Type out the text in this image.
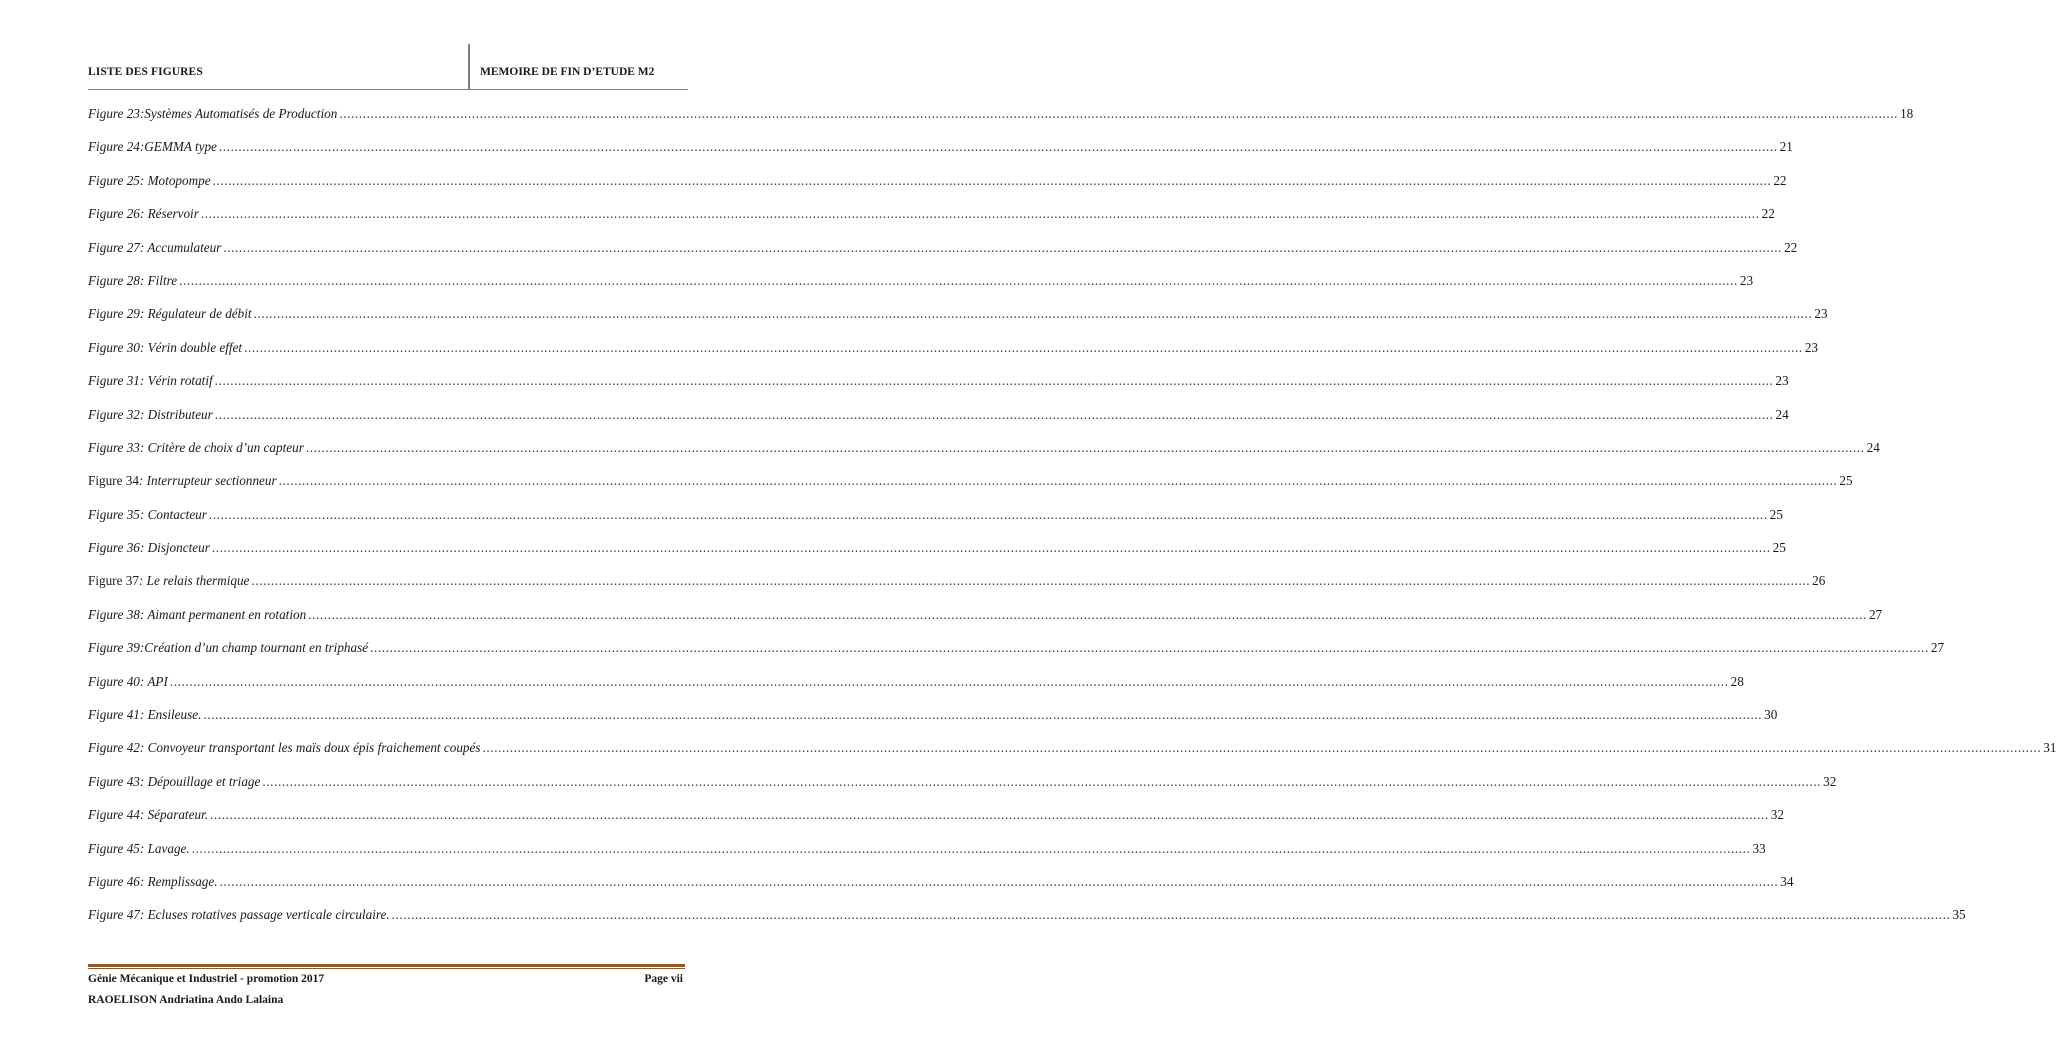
LISTE DES FIGURES	MEMOIRE DE FIN D’ETUDE M2
Figure 23:Systèmes Automatisés de Production ................................................................................................................................................................................................................................................................................................................................................................................................................ 18
Figure 24:GEMMA type ................................................................................................................................................................................................................................................................................................................................................................................................................ 21
Figure 25: Motopompe ................................................................................................................................................................................................................................................................................................................................................................................................................ 22
Figure 26: Réservoir ................................................................................................................................................................................................................................................................................................................................................................................................................ 22
Figure 27: Accumulateur ................................................................................................................................................................................................................................................................................................................................................................................................................ 22
Figure 28: Filtre ................................................................................................................................................................................................................................................................................................................................................................................................................ 23
Figure 29: Régulateur de débit ................................................................................................................................................................................................................................................................................................................................................................................................................ 23
Figure 30: Vérin double effet ................................................................................................................................................................................................................................................................................................................................................................................................................ 23
Figure 31: Vérin rotatif ................................................................................................................................................................................................................................................................................................................................................................................................................ 23
Figure 32: Distributeur ................................................................................................................................................................................................................................................................................................................................................................................................................ 24
Figure 33: Critère de choix d’un capteur ................................................................................................................................................................................................................................................................................................................................................................................................................ 24
Figure 34: Interrupteur sectionneur ................................................................................................................................................................................................................................................................................................................................................................................................................ 25
Figure 35: Contacteur ................................................................................................................................................................................................................................................................................................................................................................................................................ 25
Figure 36: Disjoncteur ................................................................................................................................................................................................................................................................................................................................................................................................................ 25
Figure 37: Le relais thermique ................................................................................................................................................................................................................................................................................................................................................................................................................ 26
Figure 38: Aimant permanent en rotation ................................................................................................................................................................................................................................................................................................................................................................................................................ 27
Figure 39:Création d’un champ tournant en triphasé ................................................................................................................................................................................................................................................................................................................................................................................................................ 27
Figure 40: API ................................................................................................................................................................................................................................................................................................................................................................................................................ 28
Figure 41: Ensileuse. ................................................................................................................................................................................................................................................................................................................................................................................................................ 30
Figure 42: Convoyeur transportant les maïs doux épis fraichement coupés ................................................................................................................................................................................................................................................................................................................................................................................................................ 31
Figure 43: Dépouillage et triage ................................................................................................................................................................................................................................................................................................................................................................................................................ 32
Figure 44: Séparateur. ................................................................................................................................................................................................................................................................................................................................................................................................................ 32
Figure 45: Lavage. ................................................................................................................................................................................................................................................................................................................................................................................................................ 33
Figure 46: Remplissage. ................................................................................................................................................................................................................................................................................................................................................................................................................ 34
Figure 47: Ecluses rotatives passage verticale circulaire. ................................................................................................................................................................................................................................................................................................................................................................................................................ 35
Génie Mécanique et Industriel - promotion 2017	Page vii
RAOELISON Andriatina Ando Lalaina
